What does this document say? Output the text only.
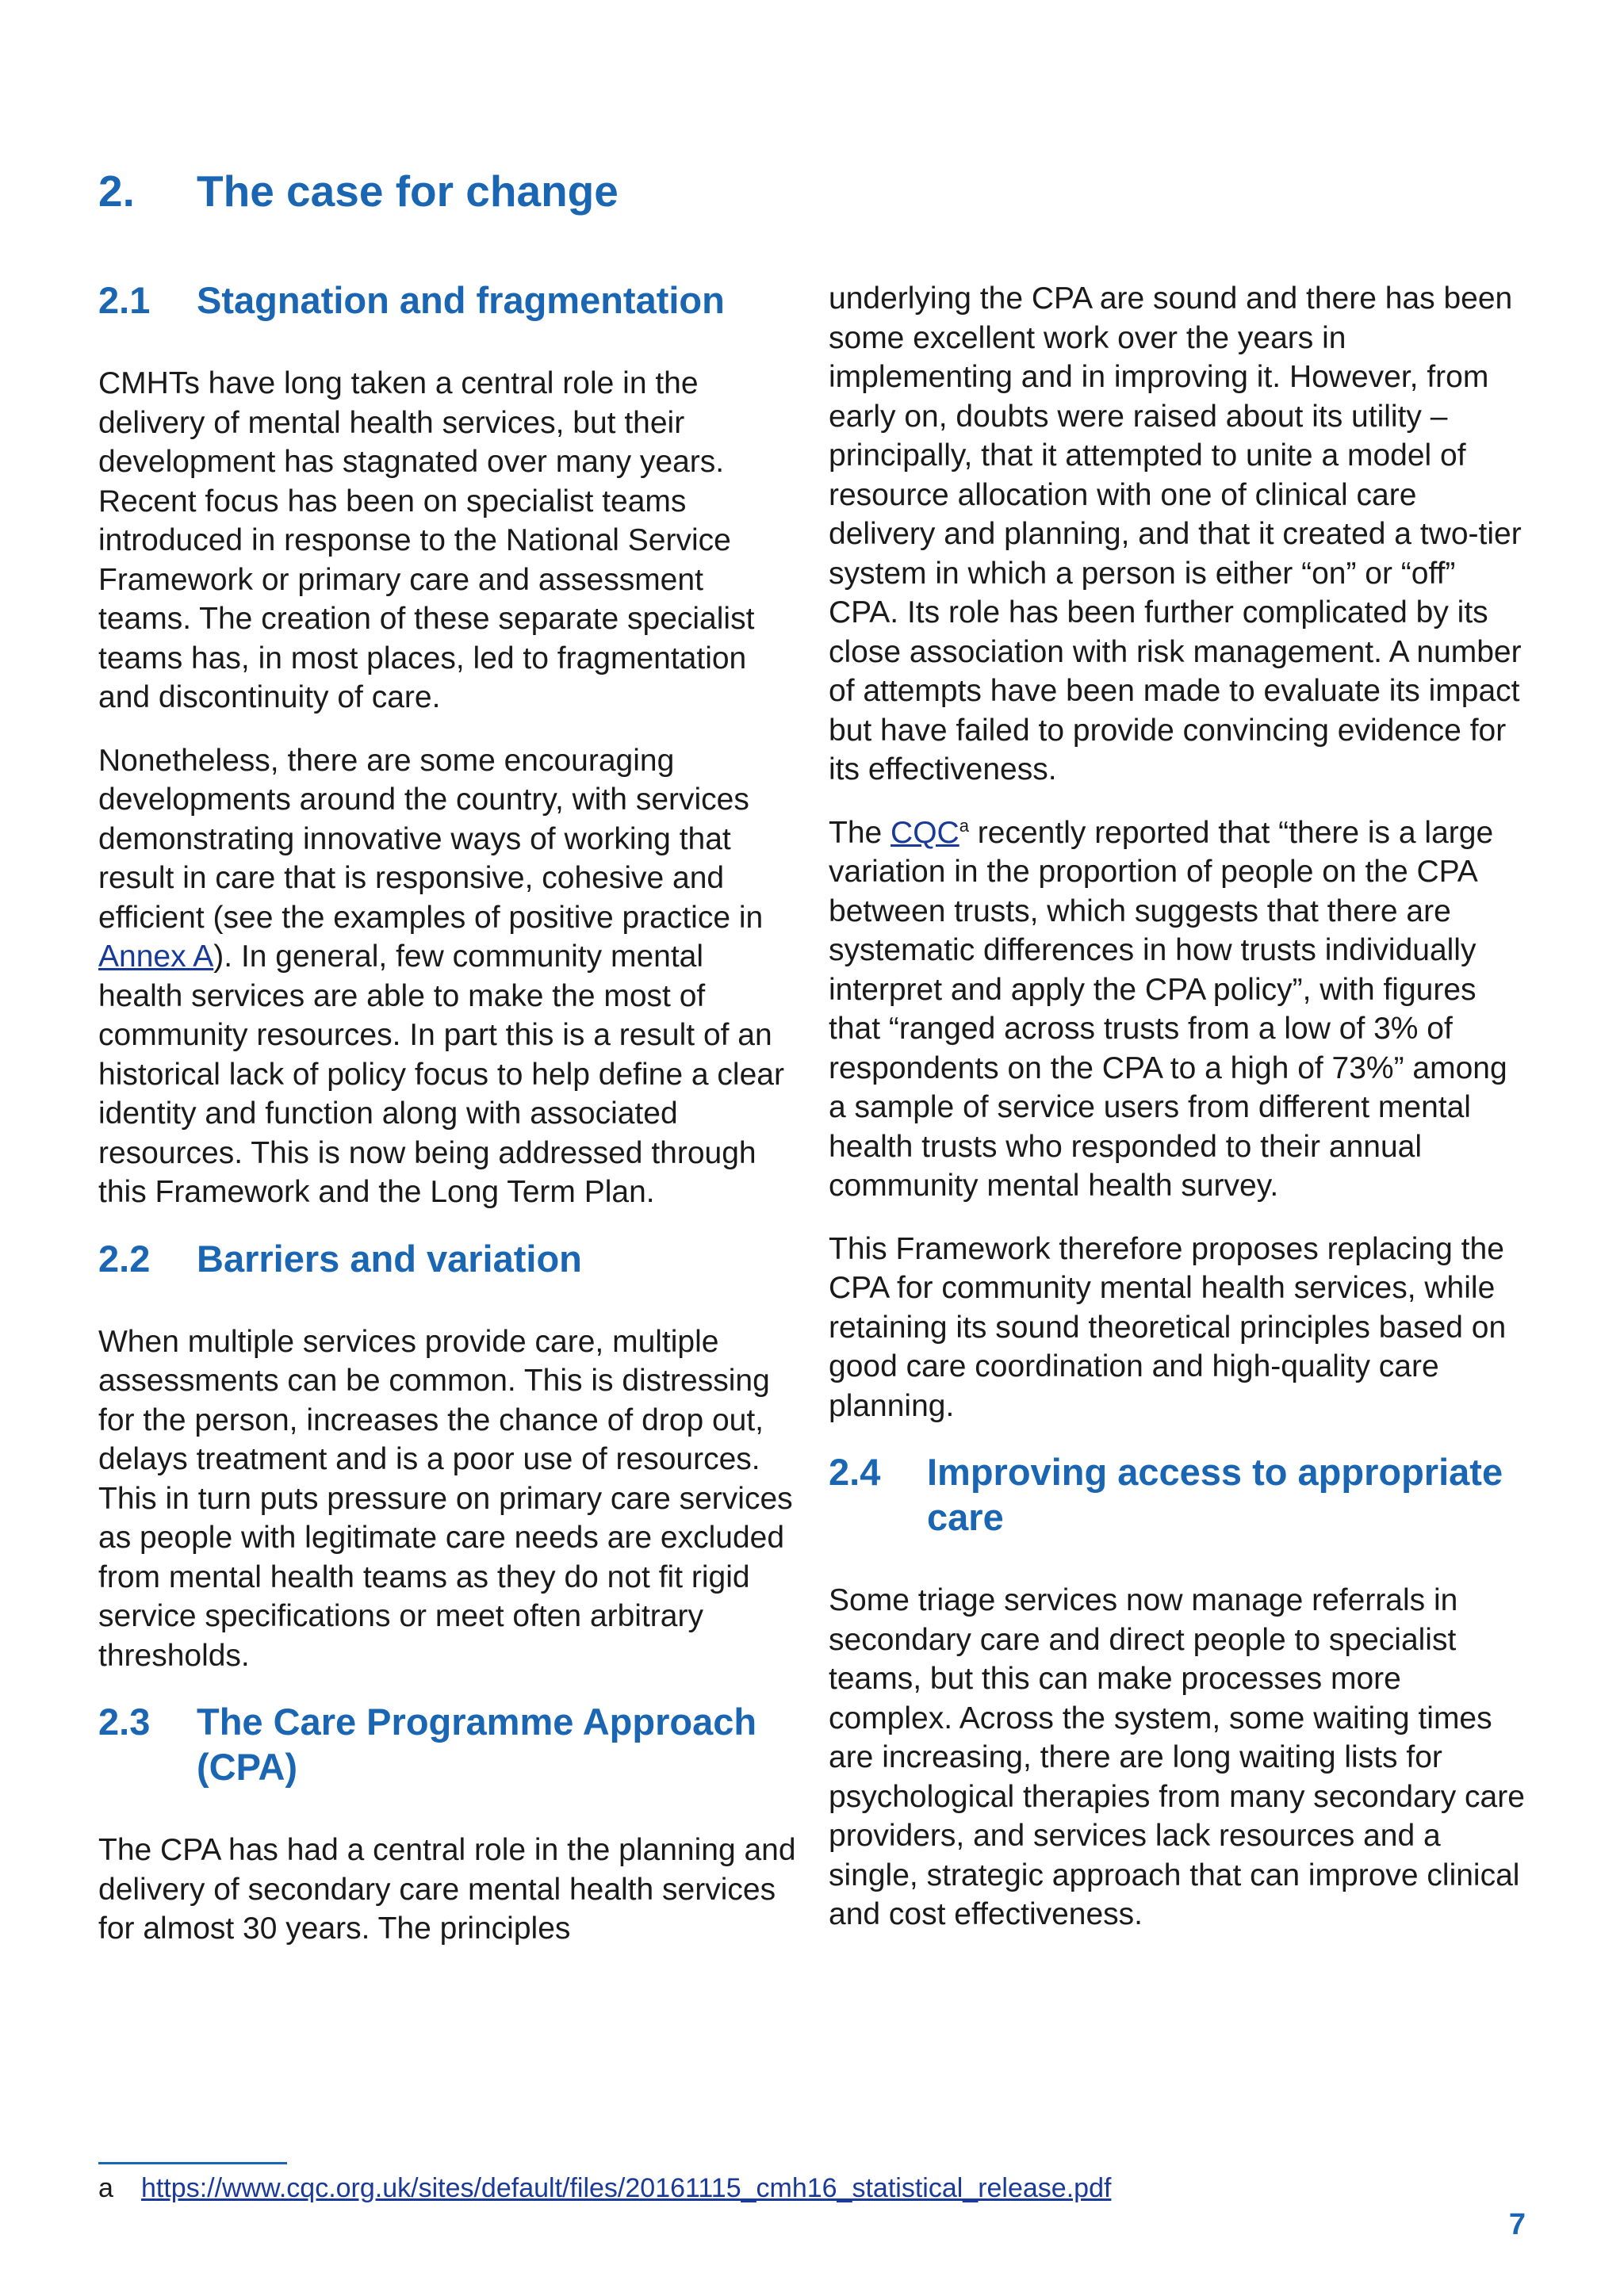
2. The case for change
2.1	Stagnation and fragmentation

CMHTs have long taken a central role in the delivery of mental health services, but their development has stagnated over many years. Recent focus has been on specialist teams introduced in response to the National Service Framework or primary care and assessment teams. The creation of these separate specialist teams has, in most places, led to fragmentation and discontinuity of care.

Nonetheless, there are some encouraging developments around the country, with services demonstrating innovative ways of working that result in care that is responsive, cohesive and efficient (see the examples of positive practice in Annex A). In general, few community mental health services are able to make the most of community resources. In part this is a result of an historical lack of policy focus to help define a clear identity and function along with associated resources. This is now being addressed through this Framework and the Long Term Plan.

2.2	Barriers and variation

When multiple services provide care, multiple assessments can be common. This is distressing for the person, increases the chance of drop out, delays treatment and is a poor use of resources. This in turn puts pressure on primary care services as people with legitimate care needs are excluded from mental health teams as they do not fit rigid service specifications or meet often arbitrary thresholds.

2.3	The Care Programme Approach (CPA)

The CPA has had a central role in the planning and delivery of secondary care mental health services for almost 30 years. The principles

underlying the CPA are sound and there has been some excellent work over the years in implementing and in improving it. However, from early on, doubts were raised about its utility – principally, that it attempted to unite a model of resource allocation with one of clinical care delivery and planning, and that it created a two-tier system in which a person is either “on” or “off” CPA. Its role has been further complicated by its close association with risk management. A number of attempts have been made to evaluate its impact but have failed to provide convincing evidence for its effectiveness.

The CQC$^a$ recently reported that “there is a large variation in the proportion of people on the CPA between trusts, which suggests that there are systematic differences in how trusts individually interpret and apply the CPA policy”, with figures that “ranged across trusts from a low of 3% of respondents on the CPA to a high of 73%” among a sample of service users from different mental health trusts who responded to their annual community mental health survey.

This Framework therefore proposes replacing the CPA for community mental health services, while retaining its sound theoretical principles based on good care coordination and high-quality care planning.

2.4	Improving access to appropriate care

Some triage services now manage referrals in secondary care and direct people to specialist teams, but this can make processes more complex. Across the system, some waiting times are increasing, there are long waiting lists for psychological therapies from many secondary care providers, and services lack resources and a single, strategic approach that can improve clinical and cost effectiveness.

a https://www.cqc.org.uk/sites/default/files/20161115_cmh16_statistical_release.pdf
7
